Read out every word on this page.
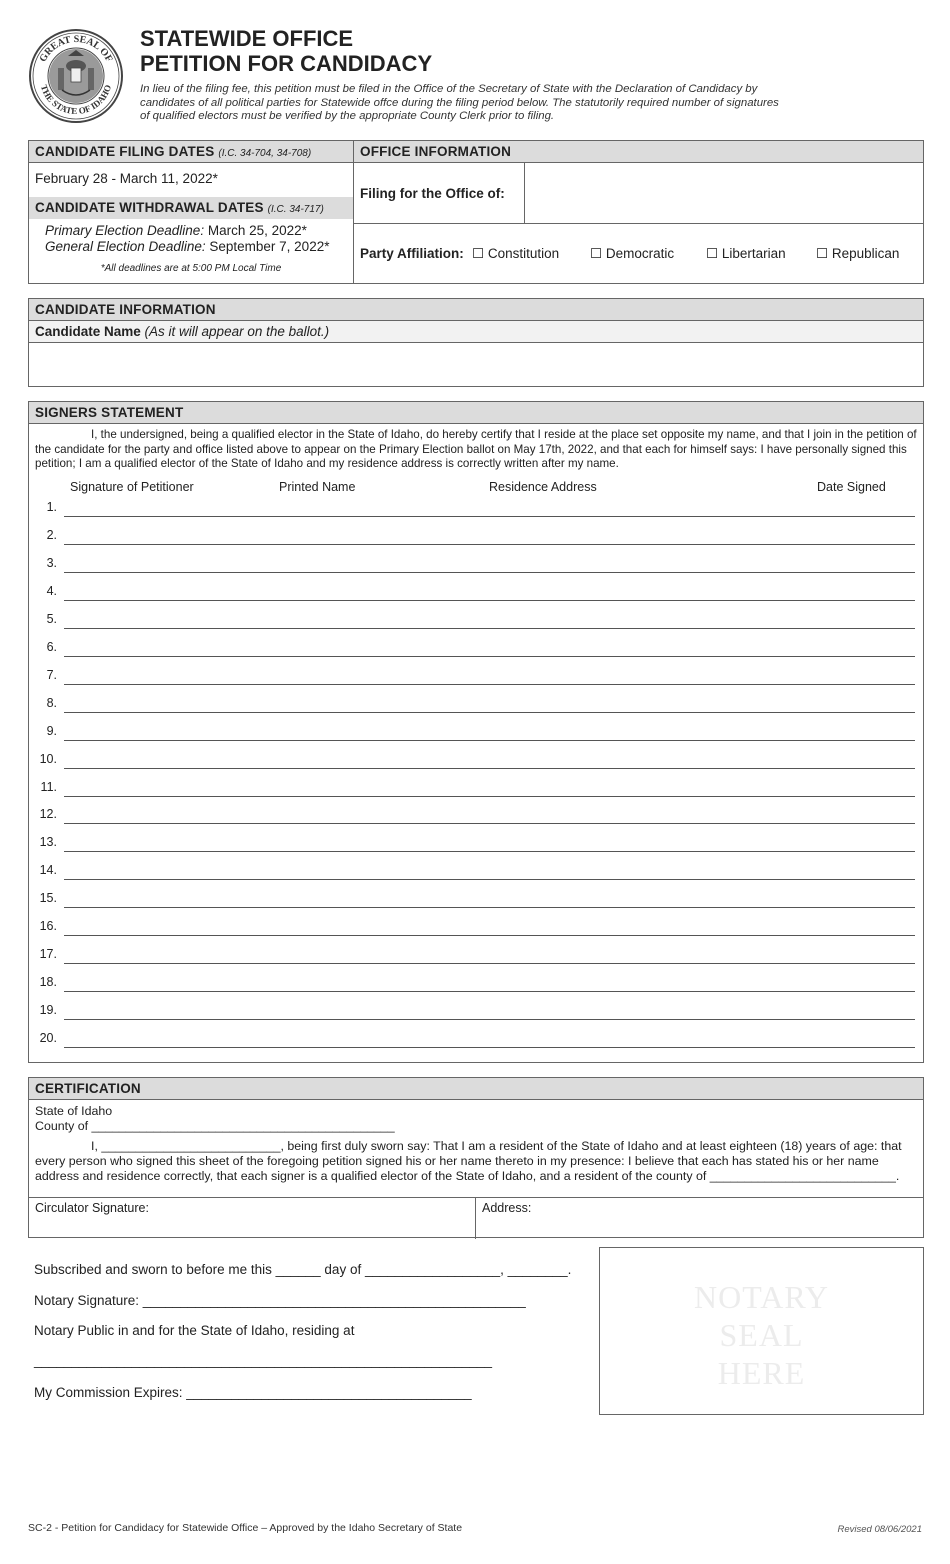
GREAT SEAL OF
THE STATE OF IDAHO
STATEWIDE OFFICE
PETITION FOR CANDIDACY
In lieu of the filing fee, this petition must be filed in the Office of the Secretary of State with the Declaration of Candidacy by candidates of all political parties for Statewide offce during the filing period below. The statutorily required number of signatures of qualified electors must be verified by the appropriate County Clerk prior to filing.
CANDIDATE FILING DATES (I.C. 34-704, 34-708)
February 28 - March 11, 2022*
CANDIDATE WITHDRAWAL DATES (I.C. 34-717)
Primary Election Deadline: March 25, 2022*
General Election Deadline: September 7, 2022*
*All deadlines are at 5:00 PM Local Time
OFFICE INFORMATION
Filing for the Office of:
Party Affiliation: ☐ Constitution ☐ Democratic ☐ Libertarian ☐ Republican
CANDIDATE INFORMATION
Candidate Name (As it will appear on the ballot.)
SIGNERS STATEMENT
I, the undersigned, being a qualified elector in the State of Idaho, do hereby certify that I reside at the place set opposite my name, and that I join in the petition of the candidate for the party and office listed above to appear on the Primary Election ballot on May 17th, 2022, and that each for himself says: I have personally signed this petition; I am a qualified elector of the State of Idaho and my residence address is correctly written after my name.
Signature of Petitioner	Printed Name	Residence Address	Date Signed
1.
2.
3.
4.
5.
6.
7.
8.
9.
10.
11.
12.
13.
14.
15.
16.
17.
18.
19.
20.
CERTIFICATION
State of Idaho
County of ____________________________________________
I, __________________________, being first duly sworn say: That I am a resident of the State of Idaho and at least eighteen (18) years of age: that every person who signed this sheet of the foregoing petition signed his or her name thereto in my presence: I believe that each has stated his or her name address and residence correctly, that each signer is a qualified elector of the State of Idaho, and a resident of the county of ___________________________.
Circulator Signature:	Address:
Subscribed and sworn to before me this ______ day of __________________, ________.
Notary Signature: ___________________________________________________
Notary Public in and for the State of Idaho, residing at
_____________________________________________________________
My Commission Expires: ______________________________________
NOTARY
SEAL
HERE
SC-2 - Petition for Candidacy for Statewide Office – Approved by the Idaho Secretary of State	Revised 08/06/2021
